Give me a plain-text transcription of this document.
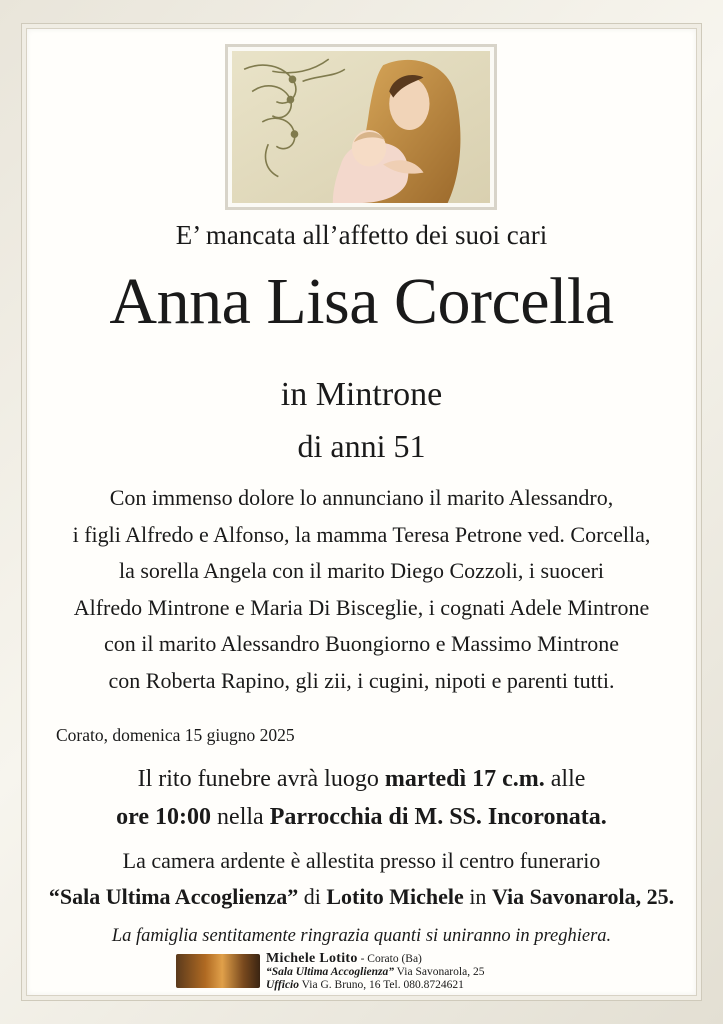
E’ mancata all’affetto dei suoi cari
Anna Lisa Corcella
in Mintrone
di anni 51
Con immenso dolore lo annunciano il marito Alessandro,
i figli Alfredo e Alfonso, la mamma Teresa Petrone ved. Corcella,
la sorella Angela con il marito Diego Cozzoli, i suoceri
Alfredo Mintrone e Maria Di Bisceglie, i cognati Adele Mintrone
con il marito Alessandro Buongiorno e Massimo Mintrone
con Roberta Rapino, gli zii, i cugini, nipoti e parenti tutti.
Corato, domenica 15 giugno 2025
Il rito funebre avrà luogo martedì 17 c.m. alle
ore 10:00 nella Parrocchia di M. SS. Incoronata.
La camera ardente è allestita presso il centro funerario
“Sala Ultima Accoglienza” di Lotito Michele in Via Savonarola, 25.
La famiglia sentitamente ringrazia quanti si uniranno in preghiera.
Michele Lotito - Corato (Ba)
“Sala Ultima Accoglienza” Via Savonarola, 25
Ufficio Via G. Bruno, 16 Tel. 080.8724621
